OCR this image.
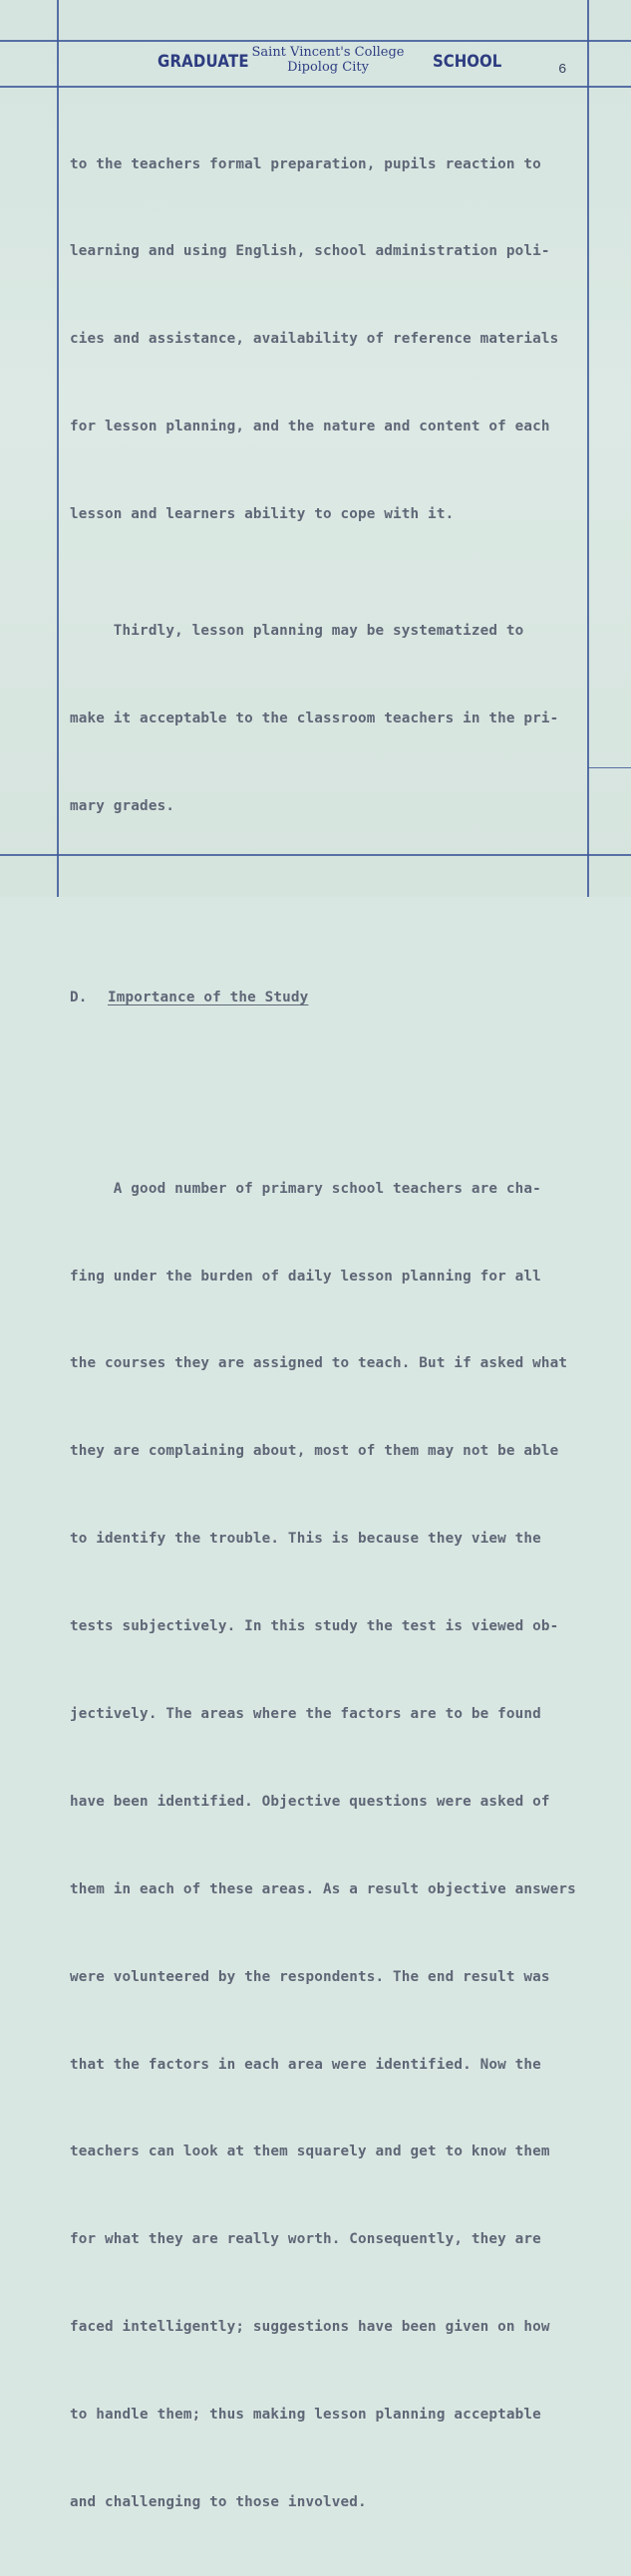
GRADUATE Saint Vincent's College
Dipolog City	SCHOOL	6

to the teachers formal preparation, pupils reaction to

learning and using English, school administration poli-

cies and assistance, availability of reference materials

for lesson planning, and the nature and content of each

lesson and learners ability to cope with it.

Thirdly, lesson planning may be systematized to

make it acceptable to the classroom teachers in the pri-

mary grades.

D. Importance of the Study

A good number of primary school teachers are cha-

fing under the burden of daily lesson planning for all

the courses they are assigned to teach. But if asked what

they are complaining about, most of them may not be able

to identify the trouble. This is because they view the

tests subjectively. In this study the test is viewed ob-

jectively. The areas where the factors are to be found

have been identified. Objective questions were asked of

them in each of these areas. As a result objective answers

were volunteered by the respondents. The end result was

that the factors in each area were identified. Now the

teachers can look at them squarely and get to know them

for what they are really worth. Consequently, they are

faced intelligently; suggestions have been given on how

to handle them; thus making lesson planning acceptable

and challenging to those involved.
